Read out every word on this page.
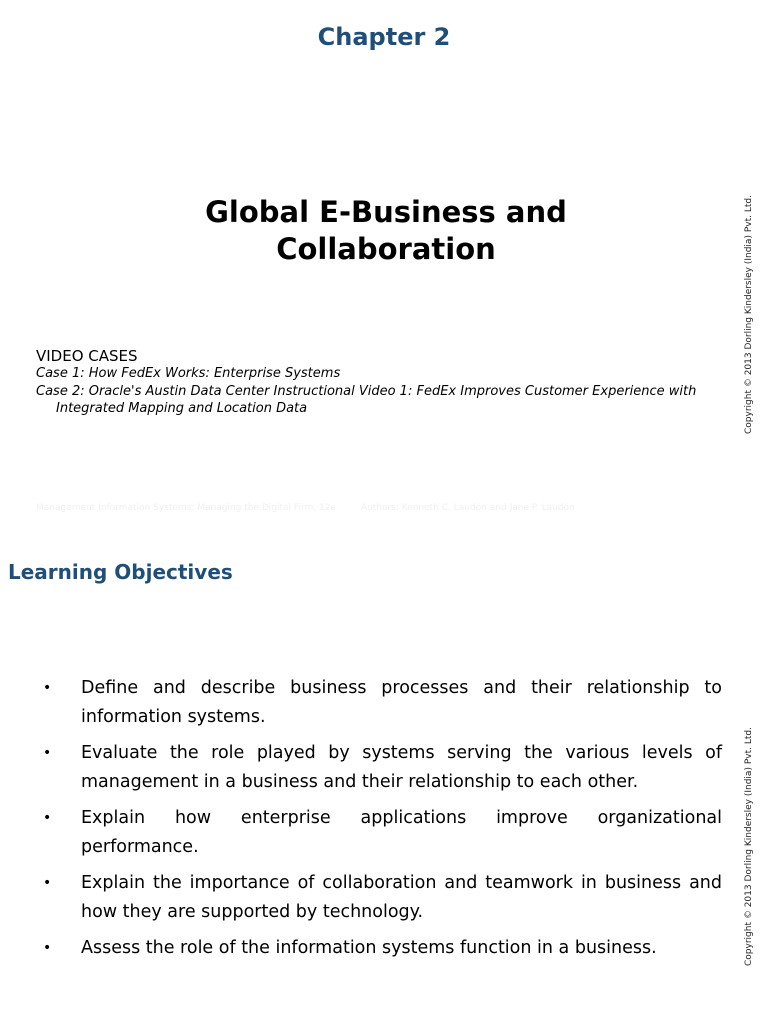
Chapter 2
Global E-Business and
Collaboration
VIDEO CASES
Case 1: How FedEx Works: Enterprise Systems
Case 2: Oracle's Austin Data Center Instructional Video 1: FedEx Improves Customer Experience with Integrated Mapping and Location Data
Management Information Systems: Managing the Digital Firm, 12e	Authors: Kenneth C. Laudon and Jane P. Laudon
Copyright © 2013 Dorling Kindersley (India) Pvt. Ltd.
Learning Objectives
• Define and describe business processes and their relationship to information systems.
• Evaluate the role played by systems serving the various levels of management in a business and their relationship to each other.
• Explain how enterprise applications improve organizational performance.
• Explain the importance of collaboration and teamwork in business and how they are supported by technology.
• Assess the role of the information systems function in a business.	Copyright © 2013 Dorling Kindersley (India) Pvt. Ltd.
